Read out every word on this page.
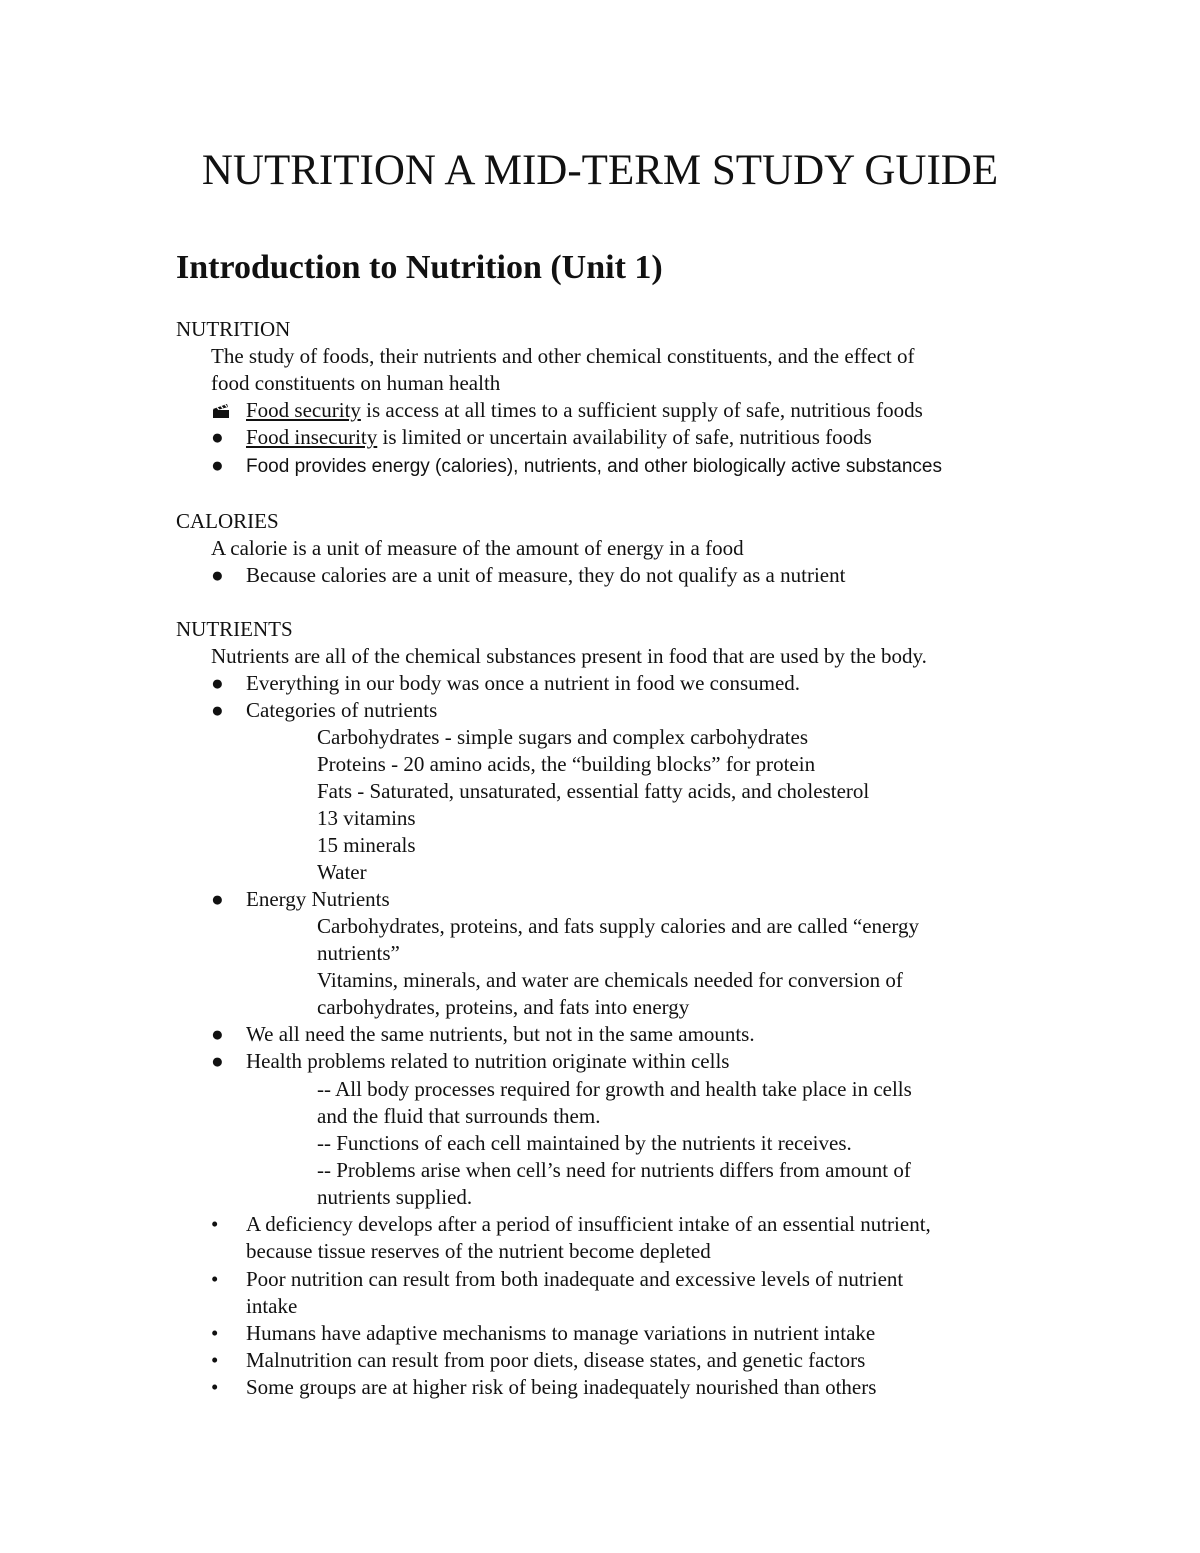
NUTRITION A MID-TERM STUDY GUIDE
Introduction to Nutrition (Unit 1)
NUTRITION
The study of foods, their nutrients and other chemical constituents, and the effect of
food constituents on human health
Food security is access at all times to a sufficient supply of safe, nutritious foods
●	Food insecurity is limited or uncertain availability of safe, nutritious foods
●	Food provides energy (calories), nutrients, and other biologically active substances
CALORIES
A calorie is a unit of measure of the amount of energy in a food
●	Because calories are a unit of measure, they do not qualify as a nutrient
NUTRIENTS
Nutrients are all of the chemical substances present in food that are used by the body.
●	Everything in our body was once a nutrient in food we consumed.
●	Categories of nutrients
Carbohydrates - simple sugars and complex carbohydrates
Proteins - 20 amino acids, the “building blocks” for protein
Fats - Saturated, unsaturated, essential fatty acids, and cholesterol
13 vitamins
15 minerals
Water
●	Energy Nutrients
Carbohydrates, proteins, and fats supply calories and are called “energy
nutrients”
Vitamins, minerals, and water are chemicals needed for conversion of
carbohydrates, proteins, and fats into energy
●	We all need the same nutrients, but not in the same amounts.
●	Health problems related to nutrition originate within cells
-- All body processes required for growth and health take place in cells
and the fluid that surrounds them.
-- Functions of each cell maintained by the nutrients it receives.
-- Problems arise when cell’s need for nutrients differs from amount of
nutrients supplied.
•	A deficiency develops after a period of insufficient intake of an essential nutrient,
because tissue reserves of the nutrient become depleted
•	Poor nutrition can result from both inadequate and excessive levels of nutrient
intake
•	Humans have adaptive mechanisms to manage variations in nutrient intake
•	Malnutrition can result from poor diets, disease states, and genetic factors
•	Some groups are at higher risk of being inadequately nourished than others
